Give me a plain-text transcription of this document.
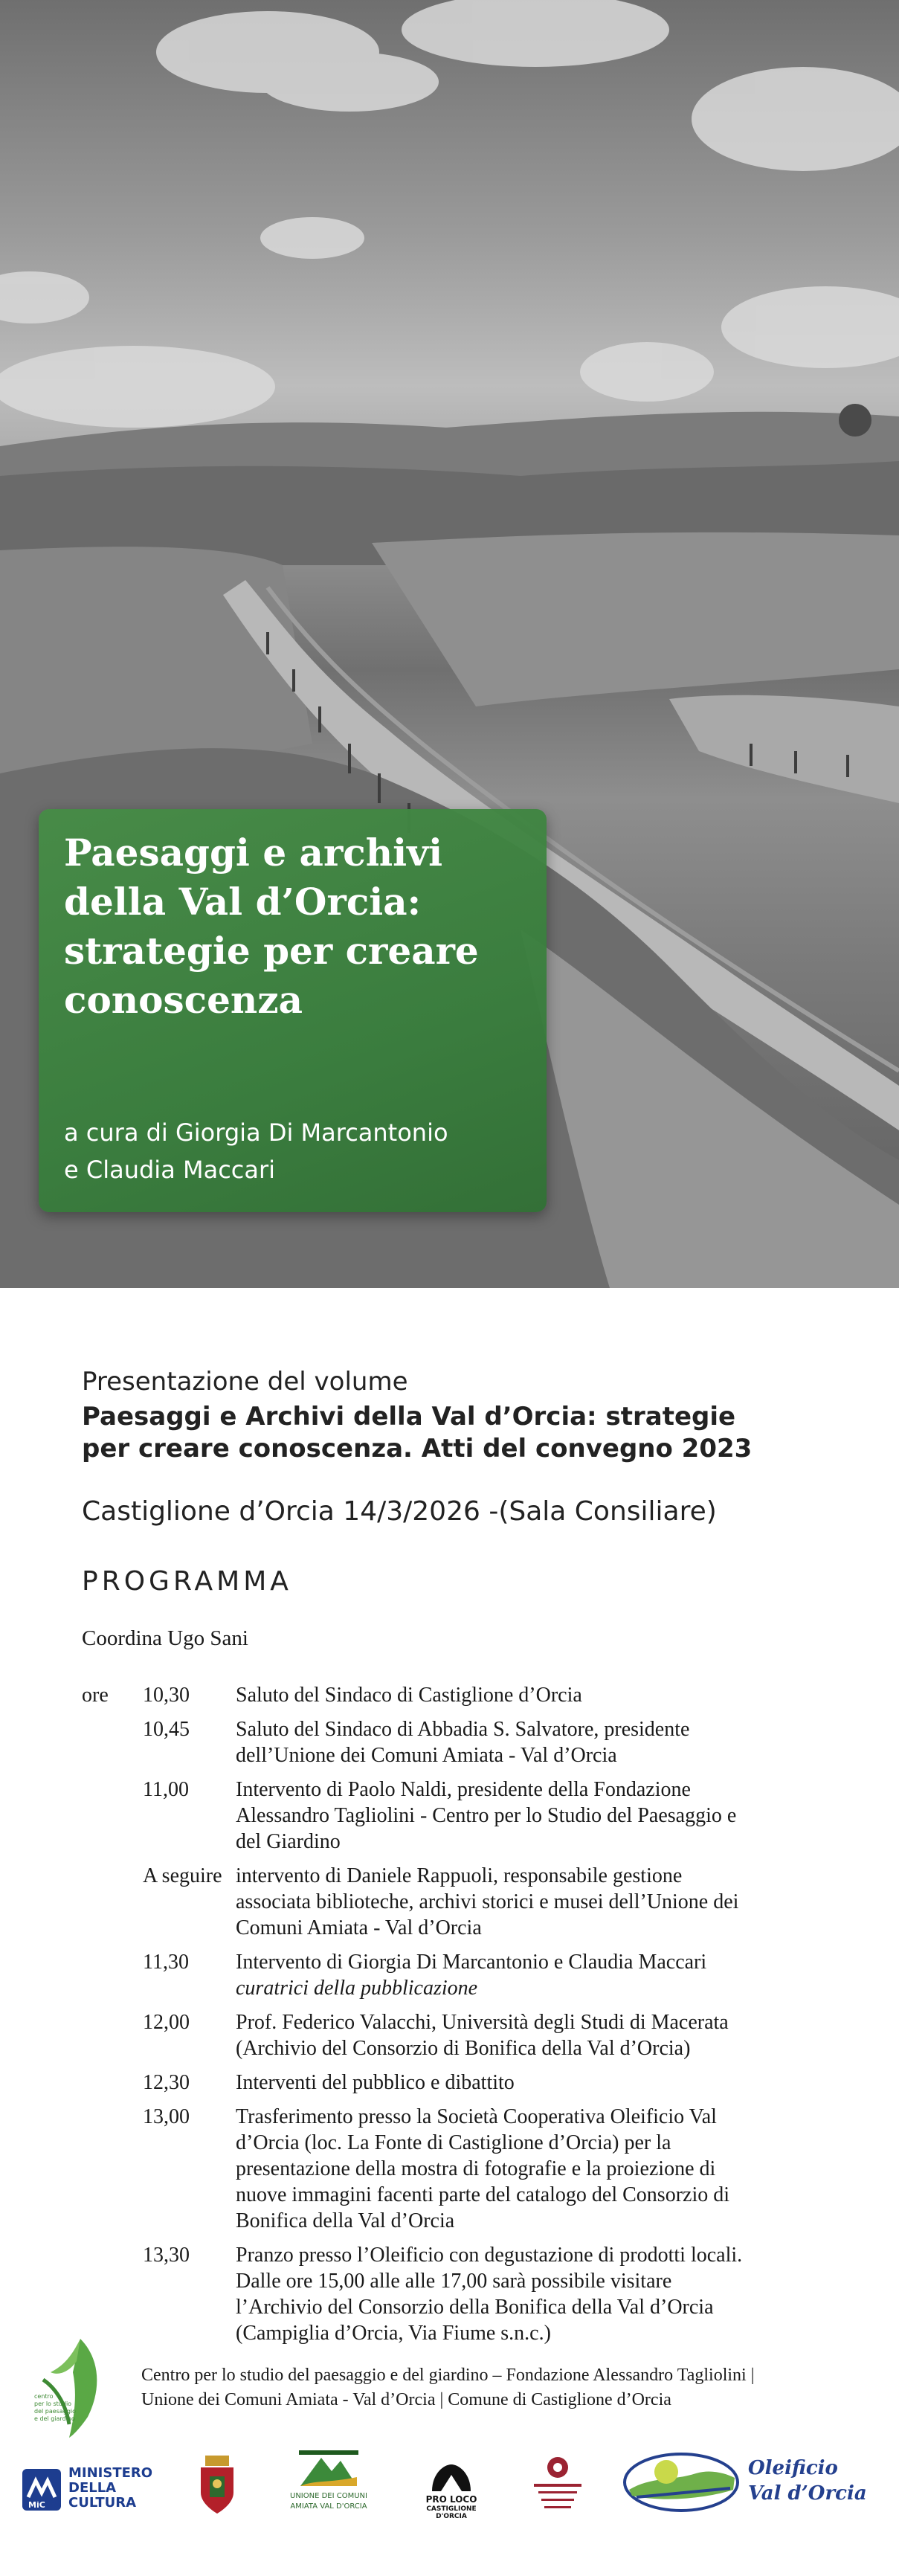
Paesaggi e archivi
della Val d’Orcia:
strategie per creare
conoscenza
a cura di Giorgia Di Marcantonio
e Claudia Maccari
Presentazione del volume
Paesaggi e Archivi della Val d’Orcia: strategie
per creare conoscenza. Atti del convegno 2023
Castiglione d’Orcia 14/3/2026 -(Sala Consiliare)
PROGRAMMA
Coordina Ugo Sani
ore 10,30 Saluto del Sindaco di Castiglione d’Orcia
10,45 Saluto del Sindaco di Abbadia S. Salvatore, presidente
dell’Unione dei Comuni Amiata - Val d’Orcia
11,00 Intervento di Paolo Naldi, presidente della Fondazione
Alessandro Tagliolini - Centro per lo Studio del Paesaggio e
del Giardino
A seguire intervento di Daniele Rappuoli, responsabile gestione
associata biblioteche, archivi storici e musei dell’Unione dei
Comuni Amiata - Val d’Orcia
11,30 Intervento di Giorgia Di Marcantonio e Claudia Maccari
curatrici della pubblicazione
12,00 Prof. Federico Valacchi, Università degli Studi di Macerata
(Archivio del Consorzio di Bonifica della Val d’Orcia)
12,30 Interventi del pubblico e dibattito
13,00 Trasferimento presso la Società Cooperativa Oleificio Val
d’Orcia (loc. La Fonte di Castiglione d’Orcia) per la
presentazione della mostra di fotografie e la proiezione di
nuove immagini facenti parte del catalogo del Consorzio di
Bonifica della Val d’Orcia
13,30 Pranzo presso l’Oleificio con degustazione di prodotti locali.
Dalle ore 15,00 alle alle 17,00 sarà possibile visitare
l’Archivio del Consorzio della Bonifica della Val d’Orcia
(Campiglia d’Orcia, Via Fiume s.n.c.)
centro
per lo studio
del paesaggio
e del giardino
Centro per lo studio del paesaggio e del giardino – Fondazione Alessandro Tagliolini |
Unione dei Comuni Amiata - Val d’Orcia | Comune di Castiglione d’Orcia
MiC
MINISTERO
DELLA
CULTURA	UNIONE DEI COMUNI
AMIATA VAL D'ORCIA
PRO LOCO
CASTIGLIONE D'ORCIA
Oleificio
Val d’Orcia
